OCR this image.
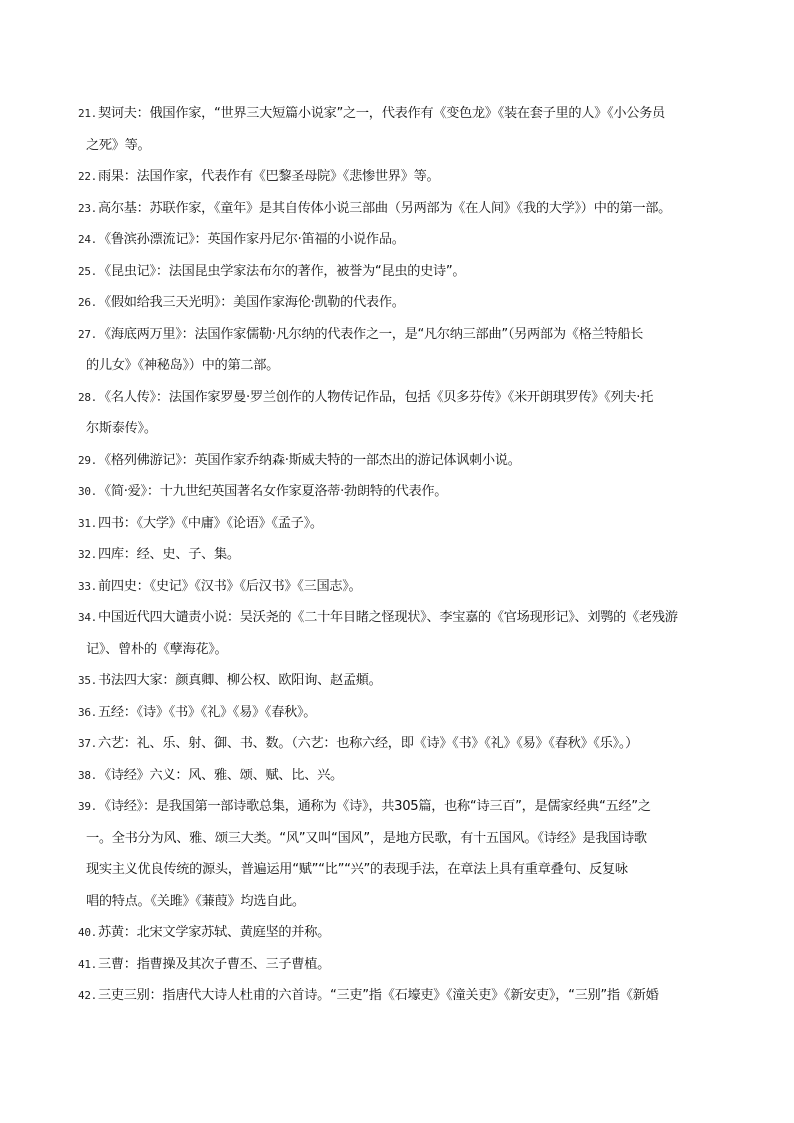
21.契诃夫：俄国作家，“世界三大短篇小说家”之一，代表作有《变色龙》《装在套子里的人》《小公务员
之死》等。
22.雨果：法国作家，代表作有《巴黎圣母院》《悲惨世界》等。
23.高尔基：苏联作家，《童年》是其自传体小说三部曲（另两部为《在人间》《我的大学》）中的第一部。
24.《鲁滨孙漂流记》：英国作家丹尼尔·笛福的小说作品。
25.《昆虫记》：法国昆虫学家法布尔的著作，被誉为“昆虫的史诗”。
26.《假如给我三天光明》：美国作家海伦·凯勒的代表作。
27.《海底两万里》：法国作家儒勒·凡尔纳的代表作之一，是“凡尔纳三部曲”（另两部为《格兰特船长
的儿女》《神秘岛》）中的第二部。
28.《名人传》：法国作家罗曼·罗兰创作的人物传记作品，包括《贝多芬传》《米开朗琪罗传》《列夫·托
尔斯泰传》。
29.《格列佛游记》：英国作家乔纳森·斯威夫特的一部杰出的游记体讽刺小说。
30.《简·爱》：十九世纪英国著名女作家夏洛蒂·勃朗特的代表作。
31.四书：《大学》《中庸》《论语》《孟子》。
32.四库：经、史、子、集。
33.前四史：《史记》《汉书》《后汉书》《三国志》。
34.中国近代四大谴责小说：吴沃尧的《二十年目睹之怪现状》、李宝嘉的《官场现形记》、刘鹗的《老残游
记》、曾朴的《孽海花》。
35.书法四大家：颜真卿、柳公权、欧阳询、赵孟頫。
36.五经：《诗》《书》《礼》《易》《春秋》。
37.六艺：礼、乐、射、御、书、数。（六艺：也称六经，即《诗》《书》《礼》《易》《春秋》《乐》。）
38.《诗经》六义：风、雅、颂、赋、比、兴。
39.《诗经》：是我国第一部诗歌总集，通称为《诗》，共305篇，也称“诗三百”，是儒家经典“五经”之
一。全书分为风、雅、颂三大类。“风”又叫“国风”，是地方民歌，有十五国风。《诗经》是我国诗歌
现实主义优良传统的源头，普遍运用“赋”“比”“兴”的表现手法，在章法上具有重章叠句、反复咏
唱的特点。《关雎》《蒹葭》均选自此。
40.苏黄：北宋文学家苏轼、黄庭坚的并称。
41.三曹：指曹操及其次子曹丕、三子曹植。
42.三吏三别：指唐代大诗人杜甫的六首诗。“三吏”指《石壕吏》《潼关吏》《新安吏》，“三别”指《新婚
